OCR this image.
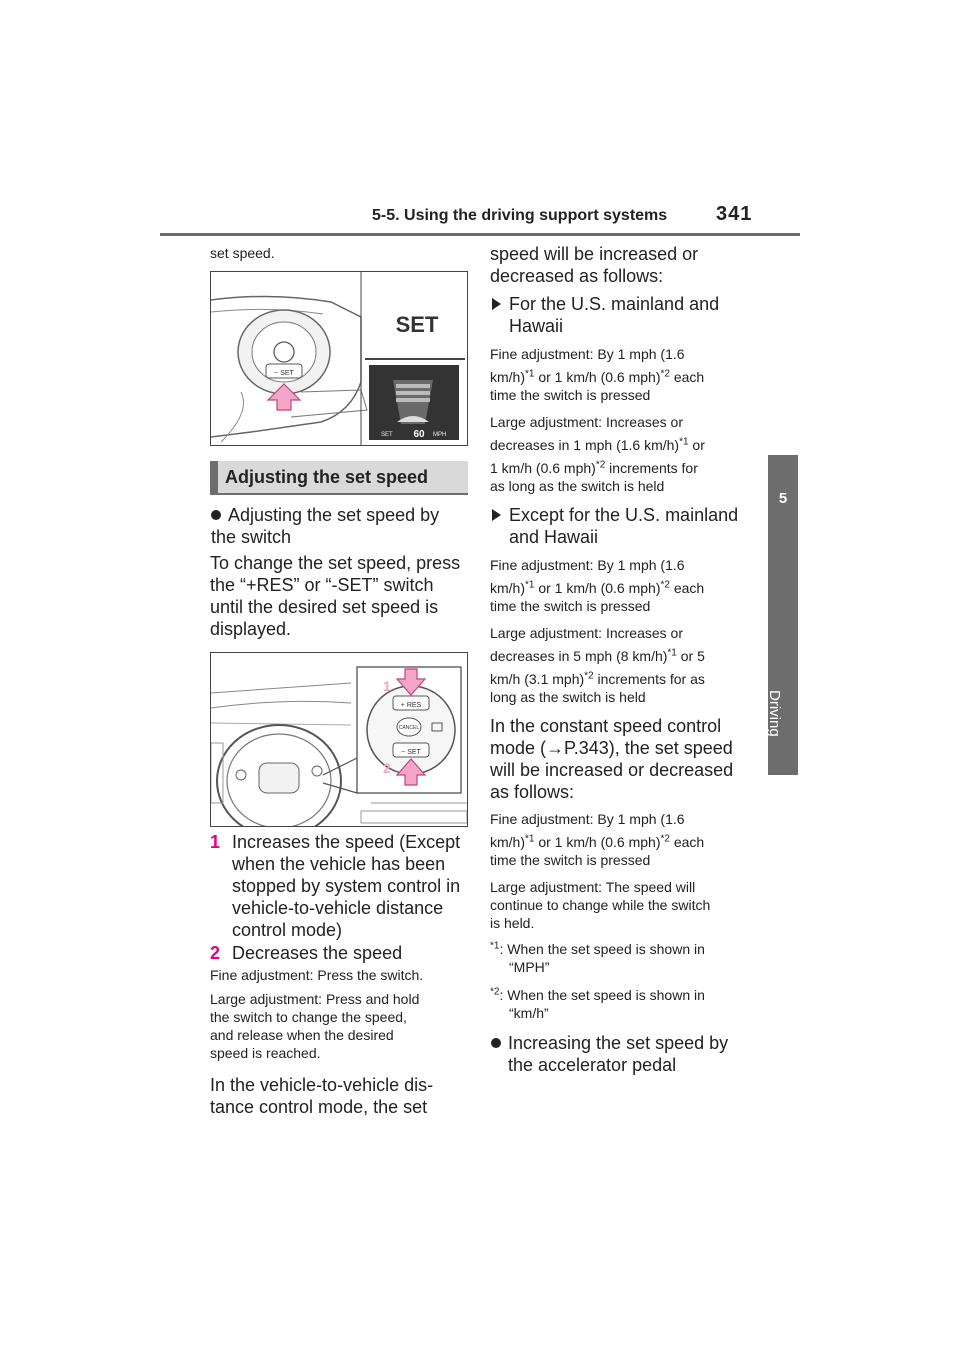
5-5. Using the driving support systems 341
5
Driving
set speed.
− SET
SET
SET 60 MPH
Adjusting the set speed
Adjusting the set speed by the switch
To change the set speed, press
the “+RES” or “-SET” switch
until the desired set speed is
displayed.
+ RES
CANCEL
− SET
1
2
1 Increases the speed (Except
when the vehicle has been
stopped by system control in
vehicle-to-vehicle distance
control mode)
2 Decreases the speed
Fine adjustment: Press the switch.
Large adjustment: Press and hold
the switch to change the speed,
and release when the desired
speed is reached.
In the vehicle-to-vehicle dis-
tance control mode, the set
speed will be increased or
decreased as follows:
For the U.S. mainland and
Hawaii
Fine adjustment: By 1 mph (1.6
km/h)$^{*1}$ or 1 km/h (0.6 mph)$^{*2}$ each
time the switch is pressed
Large adjustment: Increases or
decreases in 1 mph (1.6 km/h)$^{*1}$ or
1 km/h (0.6 mph)$^{*2}$ increments for
as long as the switch is held
Except for the U.S. mainland
and Hawaii
Fine adjustment: By 1 mph (1.6
km/h)$^{*1}$ or 1 km/h (0.6 mph)$^{*2}$ each
time the switch is pressed
Large adjustment: Increases or
decreases in 5 mph (8 km/h)$^{*1}$ or 5
km/h (3.1 mph)$^{*2}$ increments for as
long as the switch is held
In the constant speed control
mode (→P.343), the set speed
will be increased or decreased
as follows:
Fine adjustment: By 1 mph (1.6
km/h)$^{*1}$ or 1 km/h (0.6 mph)$^{*2}$ each
time the switch is pressed
Large adjustment: The speed will
continue to change while the switch
is held.
$^{*1}$: When the set speed is shown in
“MPH”
$^{*2}$: When the set speed is shown in
“km/h”
Increasing the set speed by
the accelerator pedal
